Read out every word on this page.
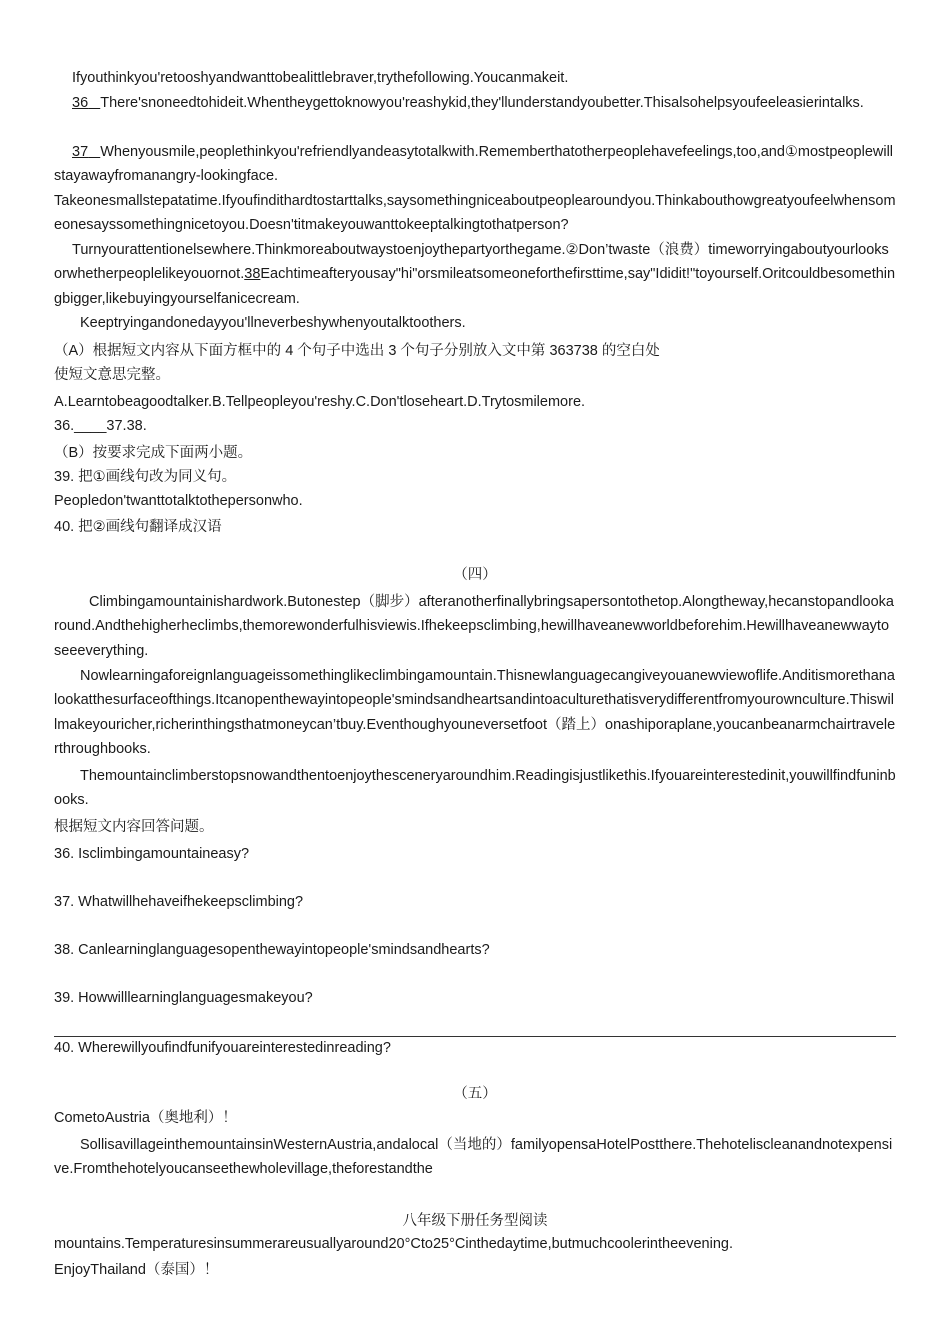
Ifyouthinkyou'retooshyandwanttobealittlebraver,trythefollowing.Youcanmakeit.
36 There'snoneedtohideit.Whentheygettoknowyou'reashykid,they'llunderstandyoubetter.Thisalsohelpsyoufeeleasierintalks.
37 Whenyousmile,peoplethinkyou'refriendlyandeasytotalkwith.Rememberthatotherpeoplehavefeelings,too,and①mostpeoplewillstayawayfromanangry-lookingface.
Takeonesmallstepatatime.Ifyoufindithardtostarttalks,saysomethingniceaboutpeoplearoundyou.Thinkabouthowgreatyoufeelwhensomeonesayssomethingnicetoyou.Doesn'titmakeyouwanttokeeptalkingtothatperson?
Turnyourattentionelsewhere.Thinkmoreaboutwaystoenjoythepartyorthegame.②Don’twaste（浪费）timeworryingaboutyourlooksorwhetherpeoplelikeyouornot.38Eachtimeafteryousay"hi"orsmileatsomeoneforthefirsttime,say"Ididit!"toyourself.Oritcouldbesomethingbigger,likebuyingyourselfanicecream.
Keeptryingandonedayyou'llneverbeshywhenyoutalktoothers.
（A）根据短文内容从下面方框中的 4 个句子中选出 3 个句子分别放入文中第 363738 的空白处
使短文意思完整。
A.Learntobeagoodtalker.B.Tellpeopleyou'reshy.C.Don'tloseheart.D.Trytosmilemore.
36.____37.38.
（B）按要求完成下面两小题。
39. 把①画线句改为同义句。
Peopledon'twanttotalktothepersonwho.
40. 把②画线句翻译成汉语
（四）
Climbingamountainishardwork.Butonestep（脚步）afteranotherfinallybringsapersontothetop.Alongtheway,hecanstopandlookaround.Andthehigherheclimbs,themorewonderfulhisviewis.Ifhekeepsclimbing,hewillhaveanewworldbeforehim.Hewillhaveanewwaytoseeeverything.
Nowlearningaforeignlanguageissomethinglikeclimbingamountain.Thisnewlanguagecangiveyouanewviewoflife.Anditismorethanalookatthesurfaceofthings.Itcanopenthewayintopeople'smindsandheartsandintoaculturethatisverydifferentfromyourownculture.Thiswillmakeyouricher,richerinthingsthatmoneycan’tbuy.Eventhoughyouneversetfoot（踏上）onashiporaplane,youcanbeanarmchairtravelerthroughbooks.
Themountainclimberstopsnowandthentoenjoythesceneryaroundhim.Readingisjustlikethis.Ifyouareinterestedinit,youwillfindfuninbooks.
根据短文内容回答问题。
36. Isclimbingamountaineasy?
37. Whatwillhehaveifhekeepsclimbing?
38. Canlearninglanguagesopenthewayintopeople'smindsandhearts?
39. Howwilllearninglanguagesmakeyou?
40. Wherewillyoufindfunifyouareinterestedinreading?
（五）
CometoAustria（奥地利）！
SollisavillageinthemountainsinWesternAustria,andalocal（当地的）familyopensaHotelPostthere.Thehotelisclean​andnotexpensive.Fromthehotelyoucanseethewholevillage,theforestandthe
八年级下册任务型阅读
mountains.Temperaturesinsummerareusuallyaround20°Cto25°Cinthedaytime,butmuchcoolerintheevening.
EnjoyThailand（泰国）！
